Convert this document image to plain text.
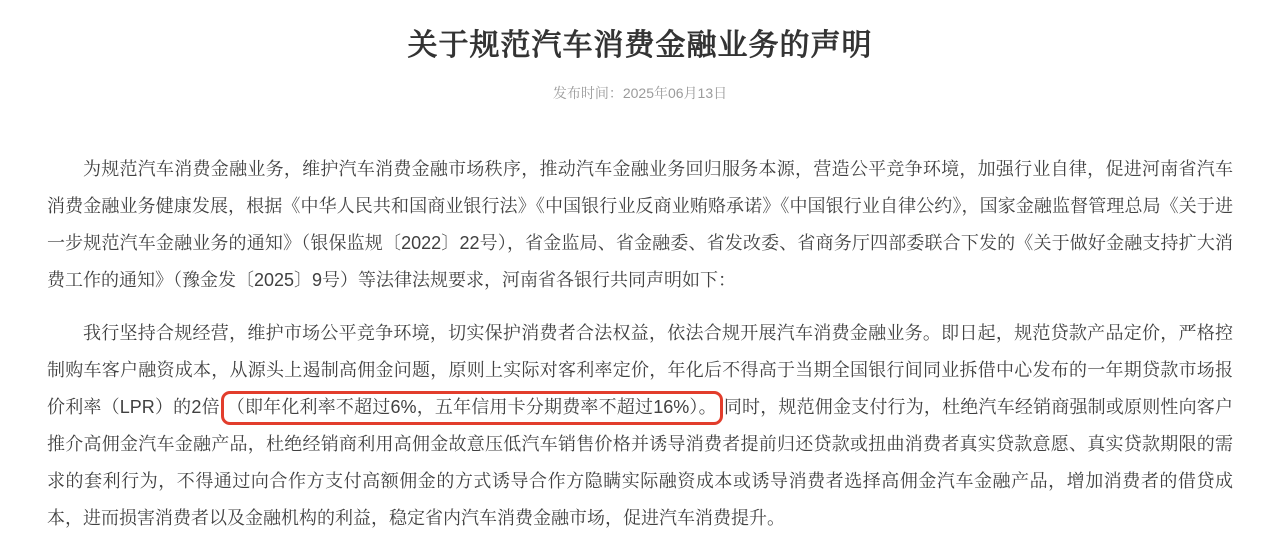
关于规范汽车消费金融业务的声明
发布时间：2025年06月13日

为规范汽车消费金融业务，维护汽车消费金融市场秩序，推动汽车金融业务回归服务本源，营造公平竞争环境，加强行业自律，促进河南省汽车消费金融业务健康发展，根据《中华人民共和国商业银行法》《中国银行业反商业贿赂承诺》《中国银行业自律公约》，国家金融监督管理总局《关于进一步规范汽车金融业务的通知》（银保监规〔2022〕22号），省金监局、省金融委、省发改委、省商务厅四部委联合下发的《关于做好金融支持扩大消费工作的通知》（豫金发〔2025〕9号）等法律法规要求，河南省各银行共同声明如下：

我行坚持合规经营，维护市场公平竞争环境，切实保护消费者合法权益，依法合规开展汽车消费金融业务。即日起，规范贷款产品定价，严格控制购车客户融资成本，从源头上遏制高佣金问题，原则上实际对客利率定价，年化后不得高于当期全国银行间同业拆借中心发布的一年期贷款市场报价利率（LPR）的2倍 （即年化利率不超过6%，五年信用卡分期费率不超过16%）。 同时，规范佣金支付行为，杜绝汽车经销商强制或原则性向客户推介高佣金汽车金融产品，杜绝经销商利用高佣金故意压低汽车销售价格并诱导消费者提前归还贷款或扭曲消费者真实贷款意愿、真实贷款期限的需求的套利行为，不得通过向合作方支付高额佣金的方式诱导合作方隐瞒实际融资成本或诱导消费者选择高佣金汽车金融产品，增加消费者的借贷成本，进而损害消费者以及金融机构的利益，稳定省内汽车消费金融市场，促进汽车消费提升。
